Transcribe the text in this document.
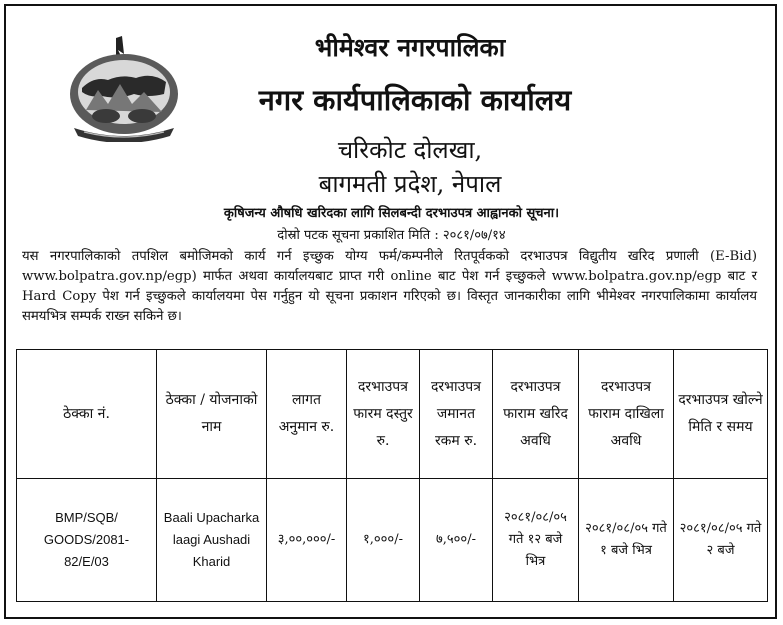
भीमेश्वर नगरपालिका
नगर कार्यपालिकाको कार्यालय
चरिकोट दोलखा,
बागमती प्रदेश, नेपाल
कृषिजन्य औषधि खरिदका लागि सिलबन्दी दरभाउपत्र आह्वानको सूचना।
दोस्रो पटक सूचना प्रकाशित मिति : २०८१/०७/१४
यस नगरपालिकाको तपशिल बमोजिमको कार्य गर्न इच्छुक योग्य फर्म/कम्पनीले रितपूर्वकको दरभाउपत्र विद्युतीय खरिद प्रणाली (E-Bid) www.bolpatra.gov.np/egp) मार्फत अथवा कार्यालयबाट प्राप्त गरी online बाट पेश गर्न इच्छुकले www.bolpatra.gov.np/egp बाट र Hard Copy पेश गर्न इच्छुकले कार्यालयमा पेस गर्नुहुन यो सूचना प्रकाशन गरिएको छ। विस्तृत जानकारीका लागि भीमेश्वर नगरपालिकामा कार्यालय समयभित्र सम्पर्क राख्न सकिने छ।
ठेक्का नं.	ठेक्का / योजनाको नाम	लागत अनुमान रु.	दरभाउपत्र फारम दस्तुर रु.	दरभाउपत्र जमानत रकम रु.	दरभाउपत्र फाराम खरिद अवधि	दरभाउपत्र फाराम दाखिला अवधि	दरभाउपत्र खोल्ने मिति र समय
BMP/SQB/ GOODS/2081- 82/E/03	Baali Upacharka laagi Aushadi Kharid	३,००,०००/-	१,०००/-	७,५००/-	२०८१/०८/०५ गते १२ बजे भित्र	२०८१/०८/०५ गते १ बजे भित्र	२०८१/०८/०५ गते २ बजे
